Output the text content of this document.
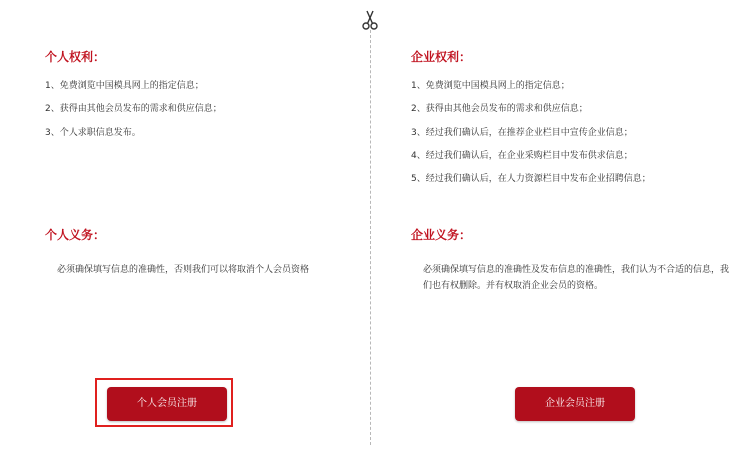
个人权利：
1、免费浏览中国模具网上的指定信息；
2、获得由其他会员发布的需求和供应信息；
3、个人求职信息发布。
个人义务：
必须确保填写信息的准确性，否则我们可以将取消个人会员资格
企业权利：
1、免费浏览中国模具网上的指定信息；
2、获得由其他会员发布的需求和供应信息；
3、经过我们确认后，在推荐企业栏目中宣传企业信息；
4、经过我们确认后，在企业采购栏目中发布供求信息；
5、经过我们确认后，在人力资源栏目中发布企业招聘信息；
企业义务：
必须确保填写信息的准确性及发布信息的准确性，我们认为不合适的信息，我们也有权删除。并有权取消企业会员的资格。
个人会员注册	企业会员注册
